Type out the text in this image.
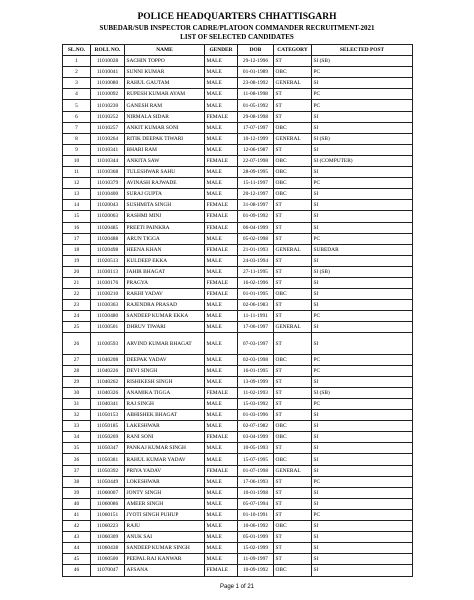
POLICE HEADQUARTERS CHHATTISGARH
SUBEDAR/SUB INSPECTOR CADRE/PLATOON COMMANDER RECRUITMENT-2021
LIST OF SELECTED CANDIDATES
SL.NO.	ROLL NO.	NAME	GENDER	DOB	CATEGORY	SELECTED POST
1	11010028	SACHIN TOPPO	MALE	29-12-1996	ST	SI (SB)
2	11010041	SUNNI KUMAR	MALE	01-01-1989	OBC	PC
3	11010080	RAHUL GAUTAM	MALE	23-08-1992	GENERAL	SI
4	11010092	RUPESH KUMAR AYAM	MALE	11-08-1998	ST	PC
5	11010230	GANESH RAM	MALE	01-05-1992	ST	PC
6	11010252	NIRMALA SIDAR	FEMALE	29-08-1998	ST	SI
7	11010257	ANKIT KUMAR SONI	MALE	17-07-1997	OBC	SI
8	11010264	RITIK DEEPAK TIWARI	MALE	10-12-1999	GENERAL	SI (SB)
9	11010341	BHARI RAM	MALE	12-06-1987	ST	SI
10	11010344	ANKITA SAW	FEMALE	22-07-1998	OBC	SI (COMPUTER)
11	11010368	TULESHWAR SAHU	MALE	28-09-1995	OBC	SI
12	11010379	AVINASH RAJWADE	MALE	15-11-1997	OBC	PC
13	11010400	SURAJ GUPTA	MALE	20-12-1997	OBC	SI
14	11020043	SUSHMITA SINGH	FEMALE	31-08-1997	ST	SI
15	11020063	RASHMI MINJ	FEMALE	01-09-1992	ST	SI
16	11020485	PREETI PAINKRA	FEMALE	06-04-1999	ST	SI
17	11020488	ARUN TIGGA	MALE	05-02-1998	ST	PC
18	11020498	HEENA KHAN	FEMALE	21-01-1993	GENERAL	SUBEDAR
19	11020513	KULDEEP EKKA	MALE	24-03-1994	ST	SI
20	11030113	JAHIR BHAGAT	MALE	27-11-1995	ST	SI (SB)
21	11030176	PRAGYA	FEMALE	16-02-1996	ST	SI
22	11030210	RAKHI YADAV	FEMALE	01-01-1995	OBC	SI
23	11030363	RAJENDRA PRASAD	MALE	02-06-1983	ST	SI
24	11030480	SANDEEP KUMAR EKKA	MALE	11-11-1991	ST	PC
25	11030501	DHRUV TIWARI	MALE	17-06-1997	GENERAL	SI
26	11030593	ARVIND KUMAR BHAGAT	MALE	07-03-1997	ST	SI
27	11040208	DEEPAK YADAV	MALE	02-03-1998	OBC	PC
28	11040226	DEVI SINGH	MALE	16-01-1995	ST	PC
29	11040262	RISHIKESH SINGH	MALE	13-09-1999	ST	SI
30	11040326	ANAMIKA TIGGA	FEMALE	11-02-1993	ST	SI (SB)
31	11040341	RAJ SINGH	MALE	15-03-1992	ST	PC
32	11050153	ABHISHEK BHAGAT	MALE	01-03-1996	ST	SI
33	11050185	LAKESHWAR	MALE	02-07-1982	OBC	SI
34	11050269	RANI SONI	FEMALE	03-04-1999	OBC	SI
35	11050347	PANKAJ KUMAR SINGH	MALE	10-05-1993	ST	SI
36	11050381	RAHUL KUMAR YADAV	MALE	15-07-1995	OBC	SI
37	11050392	PRIYA YADAV	FEMALE	01-07-1998	GENERAL	SI
38	11050449	LOKESHWAR	MALE	17-06-1993	ST	PC
39	11060007	JONTY SINGH	MALE	10-01-1998	ST	SI
40	11060086	AMEER SINGH	MALE	05-07-1994	ST	SI
41	11060151	JYOTI SINGH PUHUP	MALE	01-10-1991	ST	PC
42	11060223	RAJU	MALE	10-06-1992	OBC	SI
43	11060309	ANUK SAI	MALE	05-01-1999	ST	SI
44	11060438	SANDEEP KUMAR SINGH	MALE	15-02-1999	ST	SI
45	11060500	PEEPAL RAJ KANWAR	MALE	11-09-1997	ST	SI
46	11070047	AFSANA	FEMALE	10-09-1992	OBC	SI
Page 1 of 21
